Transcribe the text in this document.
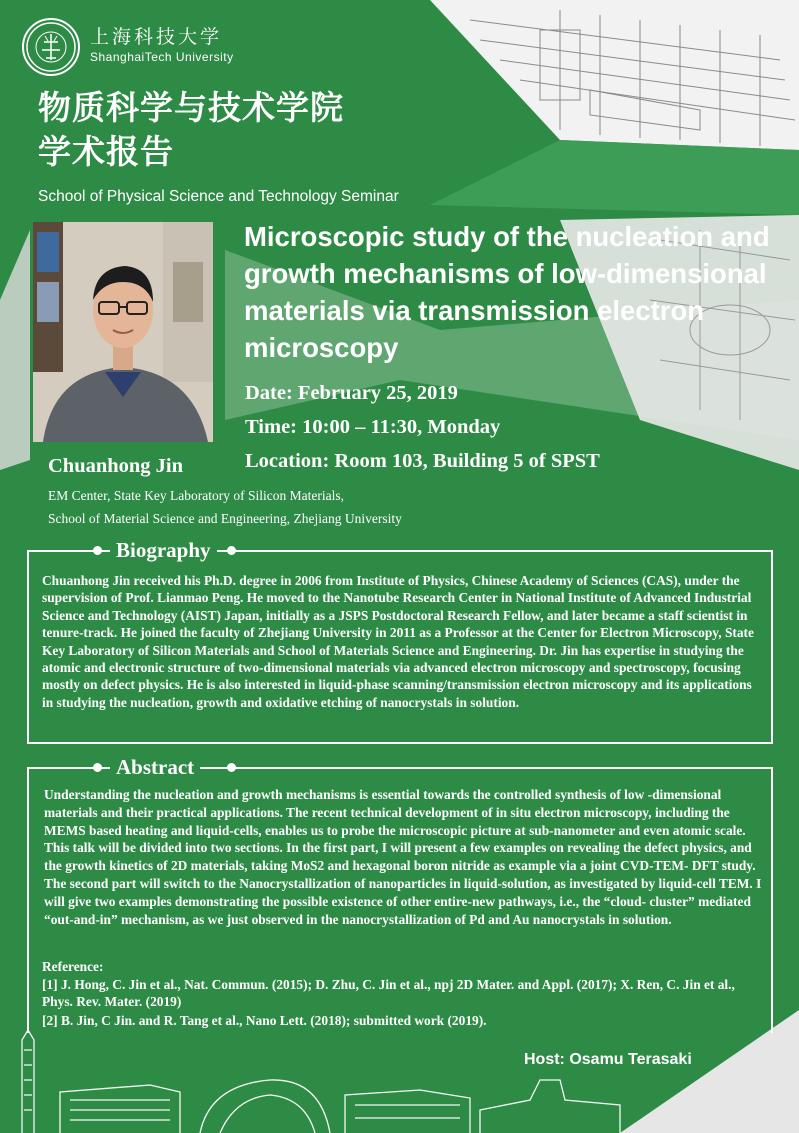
上海科技大学
ShanghaiTech University
物质科学与技术学院
学术报告
School of Physical Science and Technology Seminar
Microscopic study of the nucleation and growth mechanisms of low-dimensional materials via transmission electron microscopy
Date: February 25, 2019
Time: 10:00 – 11:30, Monday
Location: Room 103, Building 5 of SPST
Chuanhong Jin
EM Center, State Key Laboratory of Silicon Materials,
School of Material Science and Engineering, Zhejiang University
Biography
Chuanhong Jin received his Ph.D. degree in 2006 from Institute of Physics, Chinese Academy of Sciences (CAS), under the supervision of Prof. Lianmao Peng. He moved to the Nanotube Research Center in National Institute of Advanced Industrial Science and Technology (AIST) Japan, initially as a JSPS Postdoctoral Research Fellow, and later became a staff scientist in tenure-track. He joined the faculty of Zhejiang University in 2011 as a Professor at the Center for Electron Microscopy, State Key Laboratory of Silicon Materials and School of Materials Science and Engineering. Dr. Jin has expertise in studying the atomic and electronic structure of two-dimensional materials via advanced electron microscopy and spectroscopy, focusing mostly on defect physics. He is also interested in liquid-phase scanning/transmission electron microscopy and its applications in studying the nucleation, growth and oxidative etching of nanocrystals in solution.
Abstract
Understanding the nucleation and growth mechanisms is essential towards the controlled synthesis of low -dimensional materials and their practical applications. The recent technical development of in situ electron microscopy, including the MEMS based heating and liquid-cells, enables us to probe the microscopic picture at sub-nanometer and even atomic scale. This talk will be divided into two sections. In the first part, I will present a few examples on revealing the defect physics, and the growth kinetics of 2D materials, taking MoS2 and hexagonal boron nitride as example via a joint CVD-TEM- DFT study. The second part will switch to the Nanocrystallization of nanoparticles in liquid-solution, as investigated by liquid-cell TEM. I will give two examples demonstrating the possible existence of other entire-new pathways, i.e., the “cloud- cluster” mediated “out-and-in” mechanism, as we just observed in the nanocrystallization of Pd and Au nanocrystals in solution.
Reference:
[1] J. Hong, C. Jin et al., Nat. Commun. (2015); D. Zhu, C. Jin et al., npj 2D Mater. and Appl. (2017); X. Ren, C. Jin et al., Phys. Rev. Mater. (2019)
[2] B. Jin, C Jin. and R. Tang et al., Nano Lett. (2018); submitted work (2019).
Host: Osamu Terasaki
